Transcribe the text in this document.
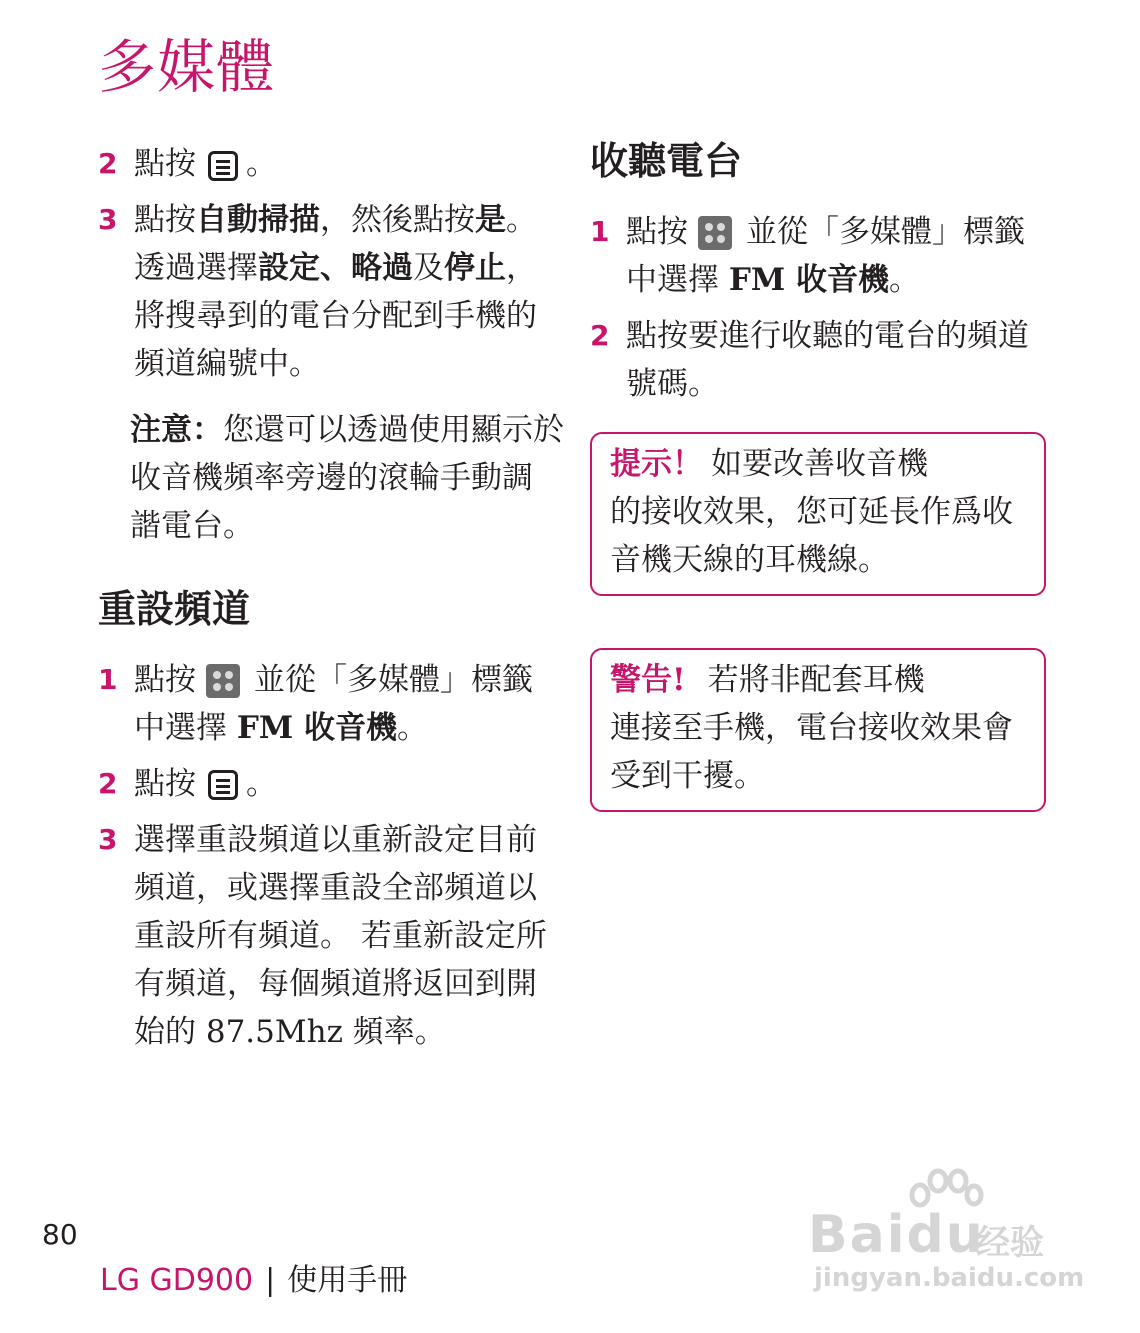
多媒體
2 點按 。
3 點按自動掃描，然後點按是。
透過選擇設定、略過及停止，
將搜尋到的電台分配到手機的
頻道編號中。
注意：您還可以透過使用顯示於
收音機頻率旁邊的滾輪手動調
諧電台。
重設頻道
1 點按 並從「多媒體」標籤
中選擇 FM 收音機。
2 點按 。
3 選擇重設頻道以重新設定目前
頻道，或選擇重設全部頻道以
重設所有頻道。 若重新設定所
有頻道，每個頻道將返回到開
始的 87.5Mhz 頻率。
收聽電台
1 點按 並從「多媒體」標籤
中選擇 FM 收音機。
2 點按要進行收聽的電台的頻道
號碼。
提示！ 如要改善收音機
的接收效果，您可延長作爲收
音機天線的耳機線。
警告! 若將非配套耳機
連接至手機，電台接收效果會
受到干擾。
80
LG GD900 | 使用手冊
Baidu
经验
jingyan.baidu.com
